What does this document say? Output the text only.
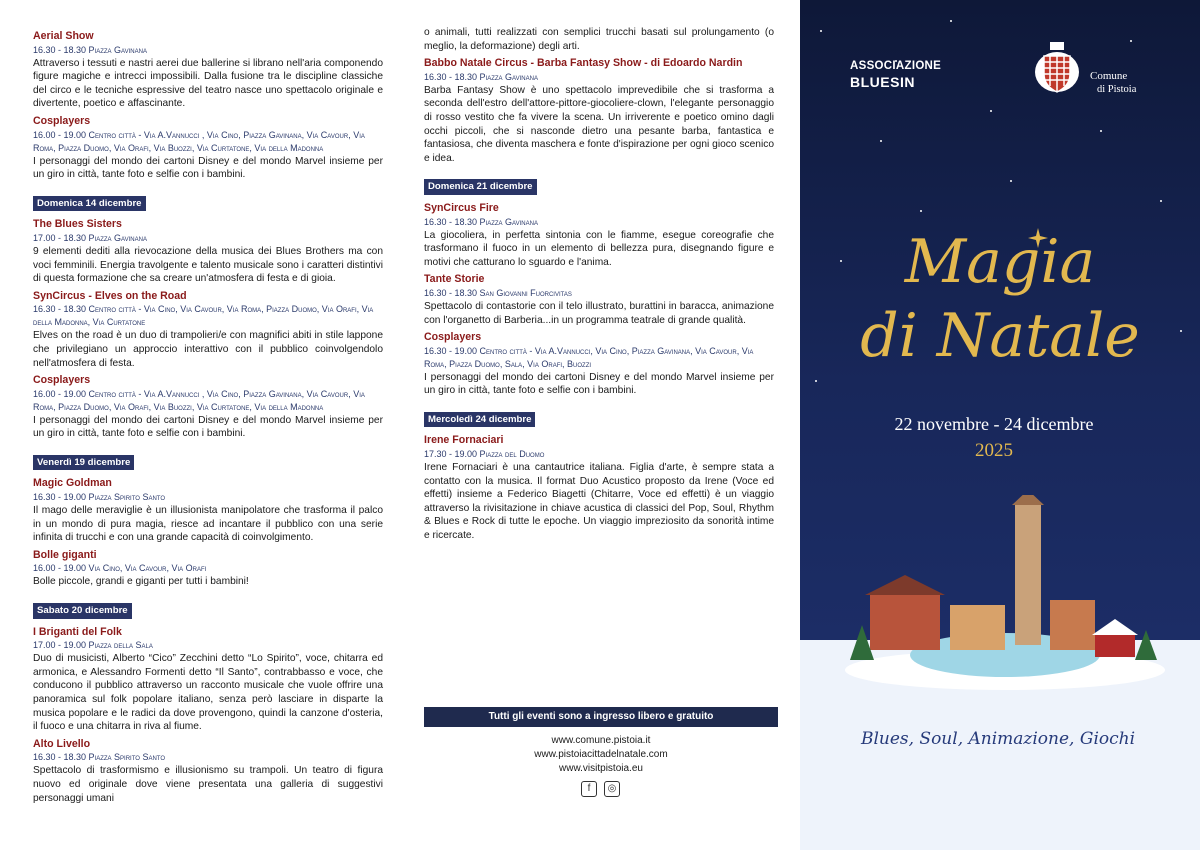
Aerial Show
16.30 - 18.30 Piazza Gavinana
Attraverso i tessuti e nastri aerei due ballerine si librano nell'aria componendo figure magiche e intrecci impossibili. Dalla fusione tra le discipline classiche del circo e le tecniche espressive del teatro nasce uno spettacolo originale e divertente, poetico e affascinante.
Cosplayers
16.00 - 19.00 Centro città - Via A.Vannucci , Via Cino, Piazza Gavinana, Via Cavour, Via Roma, Piazza Duomo, Via Orafi, Via Buozzi, Via Curtatone, Via della Madonna
I personaggi del mondo dei cartoni Disney e del mondo Marvel insieme per un giro in città, tante foto e selfie con i bambini.
Domenica 14 dicembre

The Blues Sisters
17.00 - 18.30 Piazza Gavinana
9 elementi dediti alla rievocazione della musica dei Blues Brothers ma con voci femminili. Energia travolgente e talento musicale sono i caratteri distintivi di questa formazione che sa creare un'atmosfera di festa e di gioia.
SynCircus - Elves on the Road
16.30 - 18.30 Centro città - Via Cino, Via Cavour, Via Roma, Piazza Duomo, Via Orafi, Via della Madonna, Via Curtatone
Elves on the road è un duo di trampolieri/e con magnifici abiti in stile lappone che privilegiano un approccio interattivo con il pubblico coinvolgendolo nell'atmosfera di festa.
Cosplayers
16.00 - 19.00 Centro città - Via A.Vannucci , Via Cino, Piazza Gavinana, Via Cavour, Via Roma, Piazza Duomo, Via Orafi, Via Buozzi, Via Curtatone, Via della Madonna
I personaggi del mondo dei cartoni Disney e del mondo Marvel insieme per un giro in città, tante foto e selfie con i bambini.
Venerdì 19 dicembre

Magic Goldman
16.30 - 19.00 Piazza Spirito Santo
Il mago delle meraviglie è un illusionista manipolatore che trasforma il palco in un mondo di pura magia, riesce ad incantare il pubblico con una serie infinita di trucchi e con una grande capacità di coinvolgimento.
Bolle giganti
16.00 - 19.00 Via Cino, Via Cavour, Via Orafi
Bolle piccole, grandi e giganti per tutti i bambini!
Sabato 20 dicembre

I Briganti del Folk
17.00 - 19.00 Piazza della Sala
Duo di musicisti, Alberto “Cico” Zecchini detto “Lo Spirito”, voce, chitarra ed armonica, e Alessandro Formenti detto “Il Santo”, contrabbasso e voce, che conducono il pubblico attraverso un racconto musicale che vuole offrire una panoramica sul folk popolare italiano, senza però lasciare in disparte la musica popolare e le radici da dove provengono, quindi la canzone d'osteria, il fuoco e una chitarra in riva al fiume.
Alto Livello
16.30 - 18.30 Piazza Spirito Santo
Spettacolo di trasformismo e illusionismo su trampoli. Un teatro di figura nuovo ed originale dove viene presentata una galleria di suggestivi personaggi umani
o animali, tutti realizzati con semplici trucchi basati sul prolungamento (o meglio, la deformazione) degli arti.
Babbo Natale Circus - Barba Fantasy Show - di Edoardo Nardin
16.30 - 18.30 Piazza Gavinana
Barba Fantasy Show è uno spettacolo imprevedibile che si trasforma a seconda dell'estro dell'attore-pittore-giocoliere-clown, l'elegante personaggio di rosso vestito che fa vivere la scena. Un irriverente e poetico omino dagli occhi piccoli, che si nasconde dietro una pesante barba, fantastica e fantasiosa, che diventa maschera e fonte d'ispirazione per ogni gioco scenico e idea.
Domenica 21 dicembre

SynCircus Fire
16.30 - 18.30 Piazza Gavinana
La giocoliera, in perfetta sintonia con le fiamme, esegue coreografie che trasformano il fuoco in un elemento di bellezza pura, disegnando figure e motivi che catturano lo sguardo e l'anima.
Tante Storie
16.30 - 18.30 San Giovanni Fuorcivitas
Spettacolo di contastorie con il telo illustrato, burattini in baracca, animazione con l'organetto di Barberia...in un programma teatrale di grande qualità.
Cosplayers
16.30 - 19.00 Centro città - Via A.Vannucci, Via Cino, Piazza Gavinana, Via Cavour, Via Roma, Piazza Duomo, Sala, Via Orafi, Buozzi
I personaggi del mondo dei cartoni Disney e del mondo Marvel insieme per un giro in città, tante foto e selfie con i bambini.
Mercoledì 24 dicembre

Irene Fornaciari
17.30 - 19.00 Piazza del Duomo
Irene Fornaciari è una cantautrice italiana. Figlia d'arte, è sempre stata a contatto con la musica. Il format Duo Acustico proposto da Irene (Voce ed effetti) insieme a Federico Biagetti (Chitarre, Voce ed effetti) è un viaggio attraverso la rivisitazione in chiave acustica di classici del Pop, Soul, Rhythm & Blues e Rock di tutte le epoche. Un viaggio impreziosito da sonorità intime e ricercate.
Tutti gli eventi sono a ingresso libero e gratuito
www.comune.pistoia.it
www.pistoiacittadelnatale.com
www.visitpistoia.eu
f	◎
ASSOCIAZIONE
BLUESIN	Comune
di Pistoia
Magia
di Natale
22 novembre - 24 dicembre
2025
Blues, Soul, Animazione, Giochi
